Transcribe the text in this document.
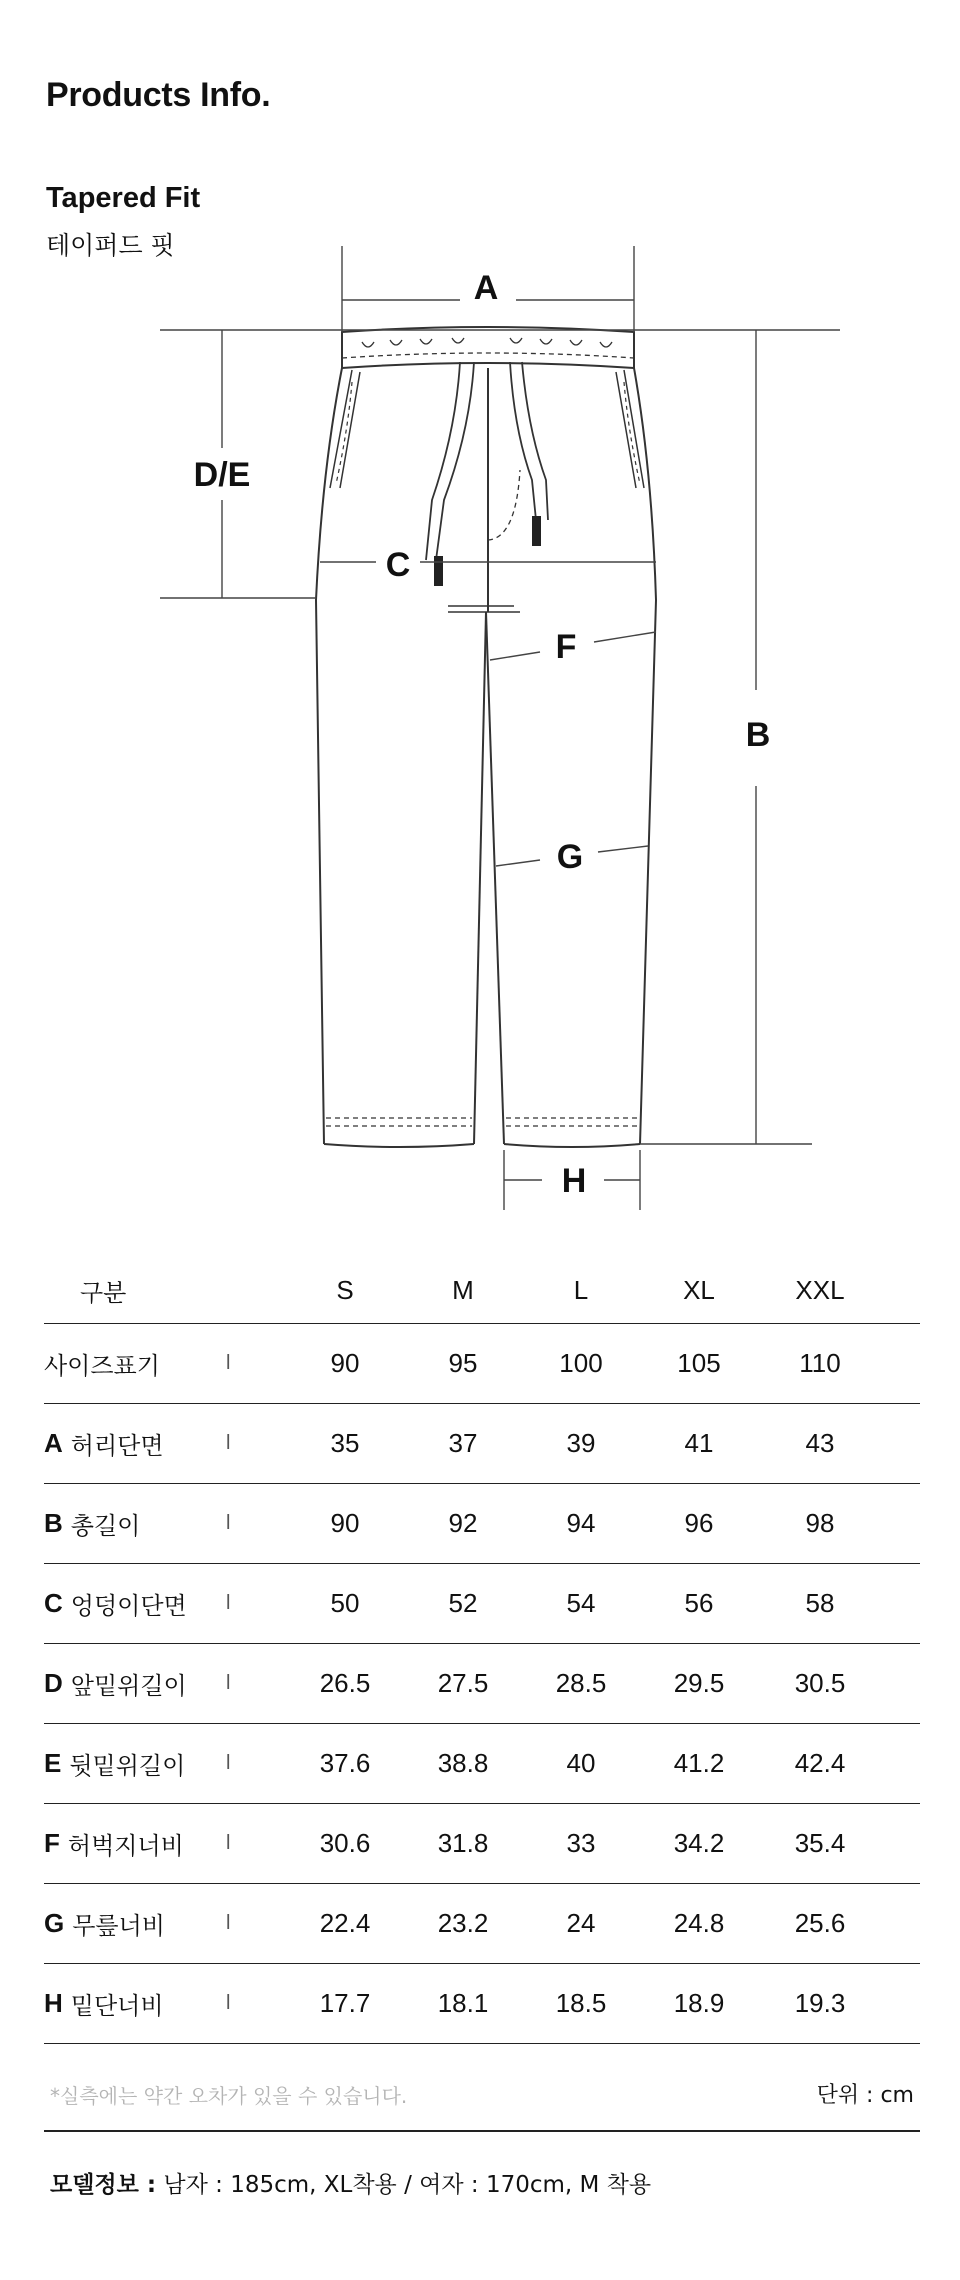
Products Info.
Tapered Fit
테이퍼드 핏
A
D/E
C
F
B
G
H
구분	S	M	L	XL	XXL
사이즈표기	l	90	95	100	105	110
A 허리단면	l	35	37	39	41	43
B 총길이	l	90	92	94	96	98
C 엉덩이단면 l	50	52	54	56	58
D 앞밑위길이 l	26.5	27.5	28.5	29.5	30.5
E 뒷밑위길이 l	37.6	38.8	40	41.2	42.4
F 허벅지너비 l	30.6	31.8	33	34.2	35.4
G 무릎너비	l	22.4	23.2	24	24.8	25.6
H 밑단너비	l	17.7	18.1	18.5	18.9	19.3
*실측에는 약간 오차가 있을 수 있습니다.	단위 : cm
모델정보 : 남자 : 185cm, XL착용 / 여자 : 170cm, M 착용
